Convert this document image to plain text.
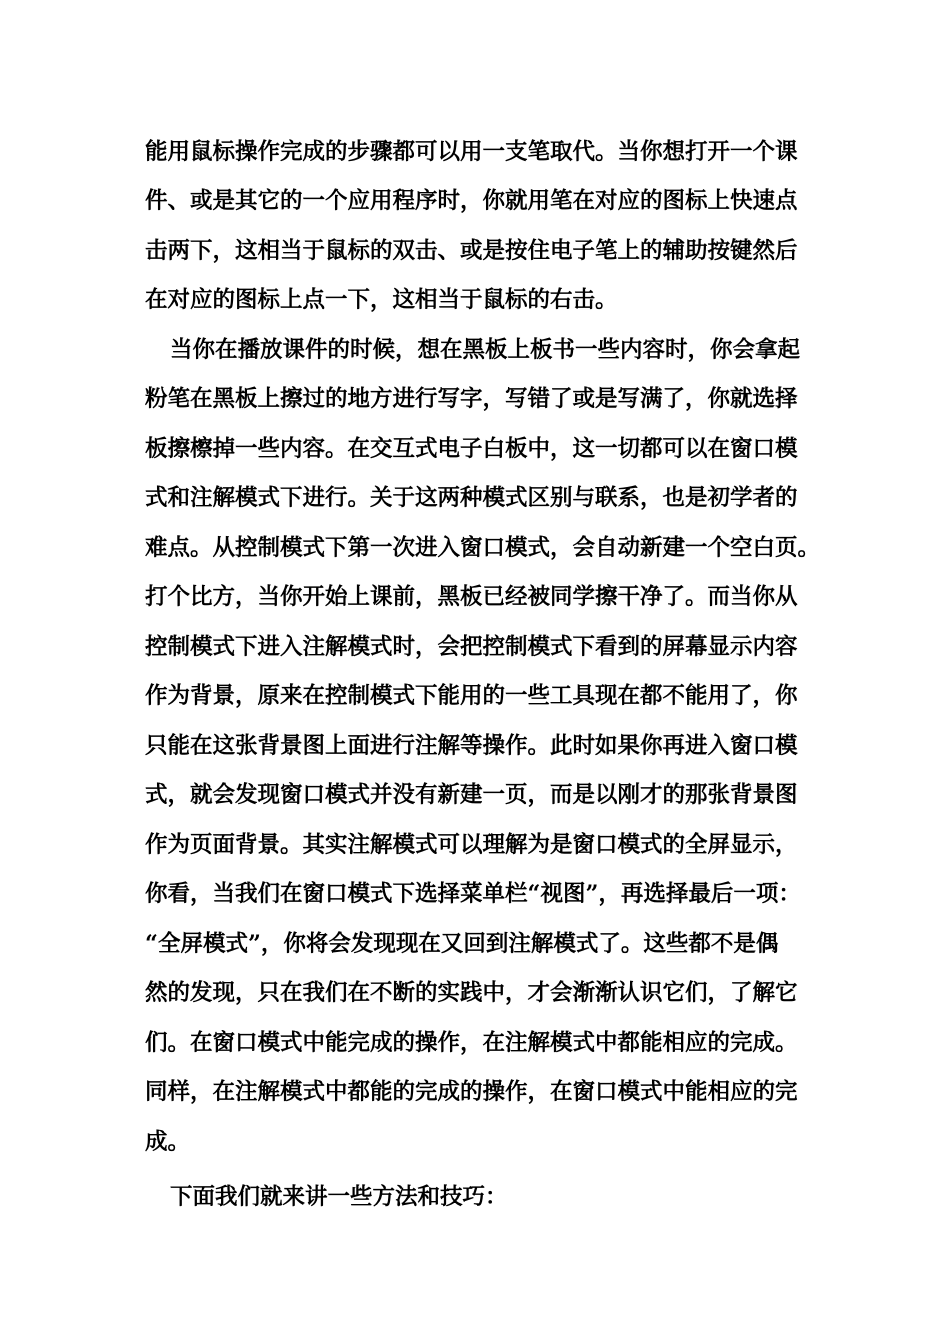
能用鼠标操作完成的步骤都可以用一支笔取代。当你想打开一个课
件、或是其它的一个应用程序时，你就用笔在对应的图标上快速点
击两下，这相当于鼠标的双击、或是按住电子笔上的辅助按键然后
在对应的图标上点一下，这相当于鼠标的右击。
当你在播放课件的时候，想在黑板上板书一些内容时，你会拿起
粉笔在黑板上擦过的地方进行写字，写错了或是写满了，你就选择
板擦檫掉一些内容。在交互式电子白板中，这一切都可以在窗口模
式和注解模式下进行。关于这两种模式区别与联系，也是初学者的
难点。从控制模式下第一次进入窗口模式，会自动新建一个空白页。
打个比方，当你开始上课前，黑板已经被同学擦干净了。而当你从
控制模式下进入注解模式时，会把控制模式下看到的屏幕显示内容
作为背景，原来在控制模式下能用的一些工具现在都不能用了，你
只能在这张背景图上面进行注解等操作。此时如果你再进入窗口模
式，就会发现窗口模式并没有新建一页，而是以刚才的那张背景图
作为页面背景。其实注解模式可以理解为是窗口模式的全屏显示，
你看，当我们在窗口模式下选择菜单栏“视图”，再选择最后一项：
“全屏模式”，你将会发现现在又回到注解模式了。这些都不是偶
然的发现，只在我们在不断的实践中，才会渐渐认识它们，了解它
们。在窗口模式中能完成的操作，在注解模式中都能相应的完成。
同样，在注解模式中都能的完成的操作，在窗口模式中能相应的完
成。
下面我们就来讲一些方法和技巧：
